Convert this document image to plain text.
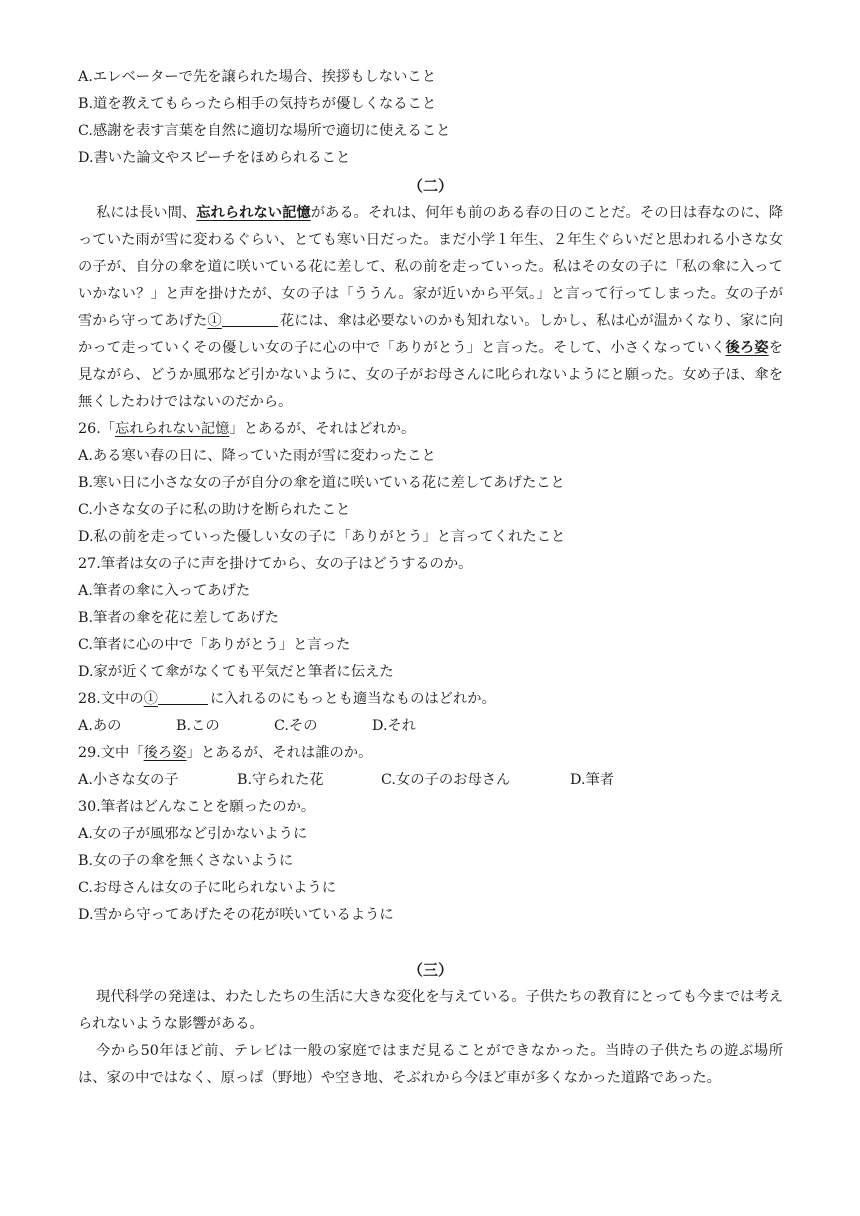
A.エレベーターで先を譲られた場合、挨拶もしないこと
B.道を教えてもらったら相手の気持ちが優しくなること
C.感謝を表す言葉を自然に適切な場所で適切に使えること
D.書いた論文やスピーチをほめられること
（二）

私には長い間、忘れられない記憶がある。それは、何年も前のある春の日のことだ。その日は春なのに、降っていた雨が雪に変わるぐらい、とても寒い日だった。まだ小学１年生、２年生ぐらいだと思われる小さな女の子が、自分の傘を道に咲いている花に差して、私の前を走っていった。私はその女の子に「私の傘に入っていかない？」と声を掛けたが、女の子は「ううん。家が近いから平気。」と言って行ってしまった。女の子が雪から守ってあげた①	花には、傘は必要ないのかも知れない。しかし、私は心が温かくなり、家に向かって走っていくその優しい女の子に心の中で「ありがとう」と言った。そして、小さくなっていく後ろ姿を見ながら、どうか風邪など引かないように、女の子がお母さんに叱られないようにと願った。女め子ほ、傘を無くしたわけではないのだから。

26.「忘れられない記憶」とあるが、それはどれか。
A.ある寒い春の日に、降っていた雨が雪に変わったこと
B.寒い日に小さな女の子が自分の傘を道に咲いている花に差してあげたこと
C.小さな女の子に私の助けを断られたこと
D.私の前を走っていった優しい女の子に「ありがとう」と言ってくれたこと
27.筆者は女の子に声を掛けてから、女の子はどうするのか。
A.筆者の傘に入ってあげた
B.筆者の傘を花に差してあげた
C.筆者に心の中で「ありがとう」と言った
D.家が近くて傘がなくても平気だと筆者に伝えた
28.文中の①	に入れるのにもっとも適当なものはどれか。
A.あの	B.この	C.その	D.それ
29.文中「後ろ姿」とあるが、それは誰のか。
A.小さな女の子	B.守られた花	C.女の子のお母さん	D.筆者
30.筆者はどんなことを願ったのか。
A.女の子が風邪など引かないように
B.女の子の傘を無くさないように
C.お母さんは女の子に叱られないように
D.雪から守ってあげたその花が咲いているように
（三）

現代科学の発達は、わたしたちの生活に大きな変化を与えている。子供たちの教育にとっても今までは考えられないような影響がある。

今から50年ほど前、テレビは一般の家庭ではまだ見ることができなかった。当時の子供たちの遊ぶ場所は、家の中ではなく、原っぱ（野地）や空き地、そぶれから今ほど車が多くなかった道路であった。
